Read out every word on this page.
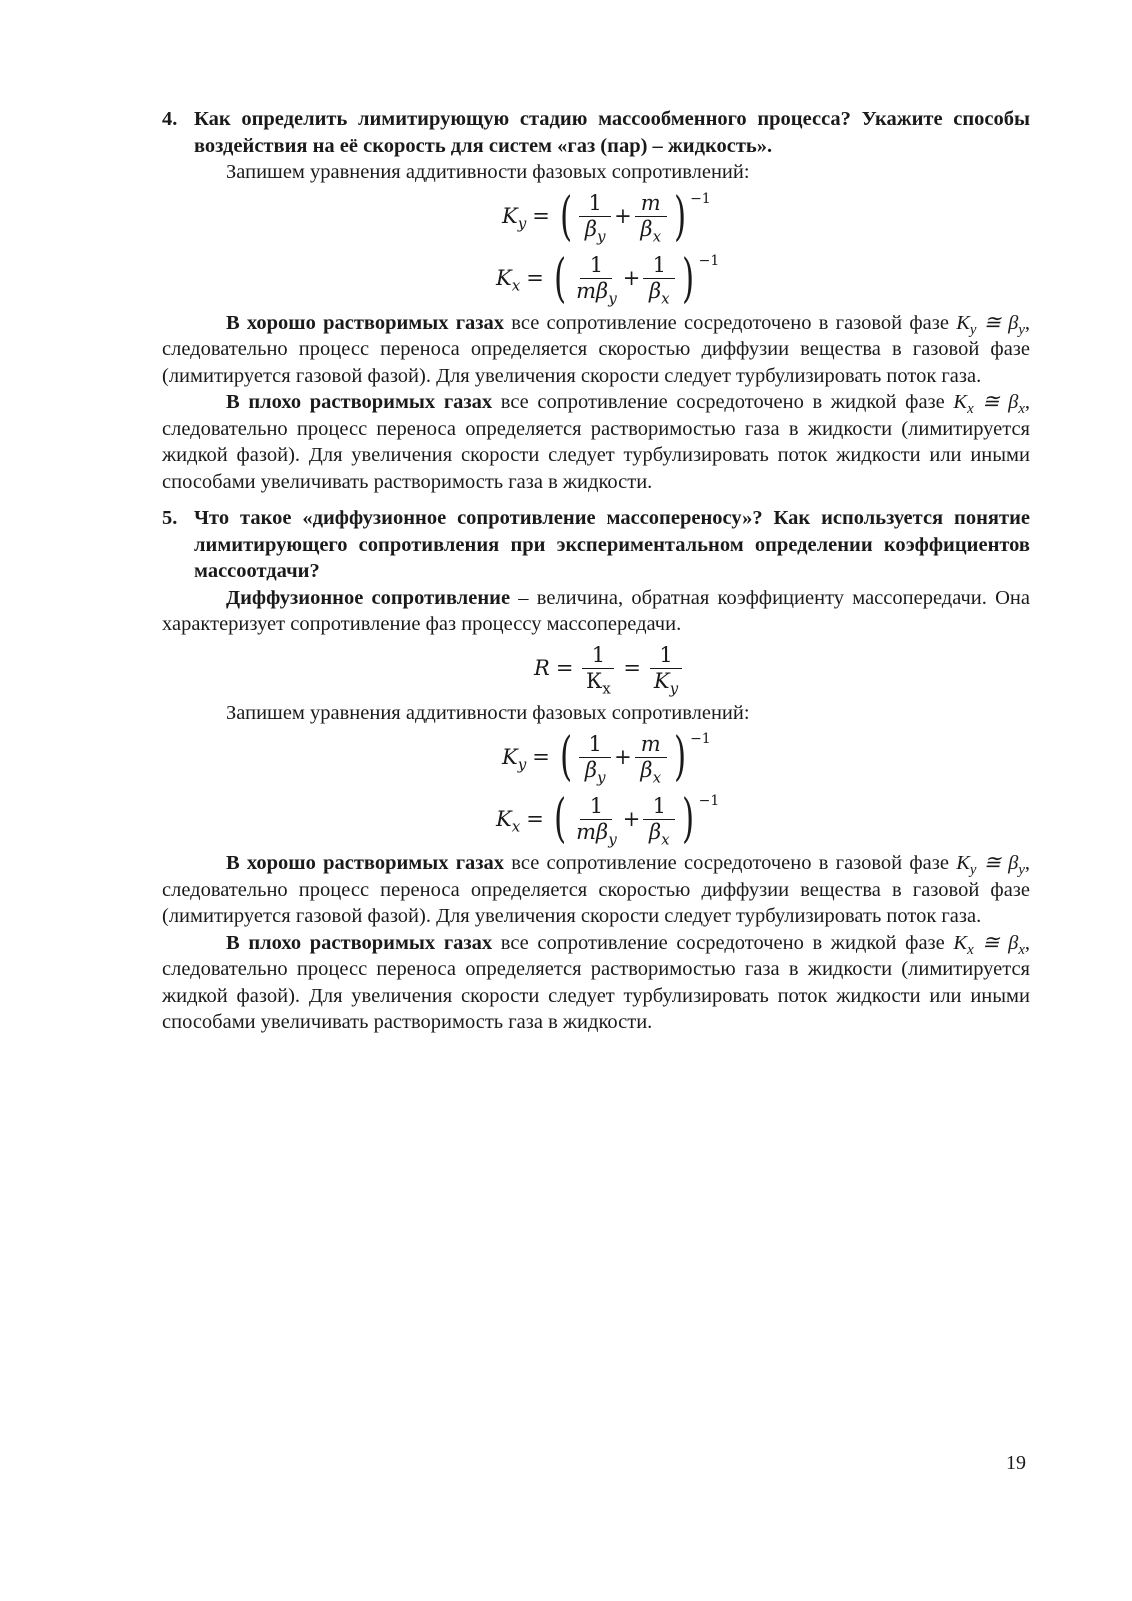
4. Как определить лимитирующую стадию массообменного процесса? Укажите способы воздействия на её скорость для систем «газ (пар) – жидкость».

Запишем уравнения аддитивности фазовых сопротивлений:

$K_y$ = ( $\frac{1}{\beta_y} + \frac{m}{\beta_x}$ ) −1
$K_x$ = ( $\frac{1}{m\beta_y} + \frac{1}{\beta_x}$ ) −1

В хорошо растворимых газах все сопротивление сосредоточено в газовой фазе $K_y$ ≅ $\beta_y$, следовательно процесс переноса определяется скоростью диффузии вещества в газовой фазе (лимитируется газовой фазой). Для увеличения скорости следует турбулизировать поток газа.

В плохо растворимых газах все сопротивление сосредоточено в жидкой фазе $K_x$ ≅ $\beta_x$, следовательно процесс переноса определяется растворимостью газа в жидкости (лимитируется жидкой фазой). Для увеличения скорости следует турбулизировать поток жидкости или иными способами увеличивать растворимость газа в жидкости.

5. Что такое «диффузионное сопротивление массопереносу»? Как используется понятие лимитирующего сопротивления при экспериментальном определении коэффициентов массоотдачи?

Диффузионное сопротивление – величина, обратная коэффициенту массопередачи. Она характеризует сопротивление фаз процессу массопередачи.

$R = \frac{1}{К_х} = \frac{1}{K_y}$

Запишем уравнения аддитивности фазовых сопротивлений:

$K_y$ = ( $\frac{1}{\beta_y} + \frac{m}{\beta_x}$ ) −1
$K_x$ = ( $\frac{1}{m\beta_y} + \frac{1}{\beta_x}$ ) −1

В хорошо растворимых газах все сопротивление сосредоточено в газовой фазе $K_y$ ≅ $\beta_y$, следовательно процесс переноса определяется скоростью диффузии вещества в газовой фазе (лимитируется газовой фазой). Для увеличения скорости следует турбулизировать поток газа.

В плохо растворимых газах все сопротивление сосредоточено в жидкой фазе $K_x$ ≅ $\beta_x$, следовательно процесс переноса определяется растворимостью газа в жидкости (лимитируется жидкой фазой). Для увеличения скорости следует турбулизировать поток жидкости или иными способами увеличивать растворимость газа в жидкости.

19
